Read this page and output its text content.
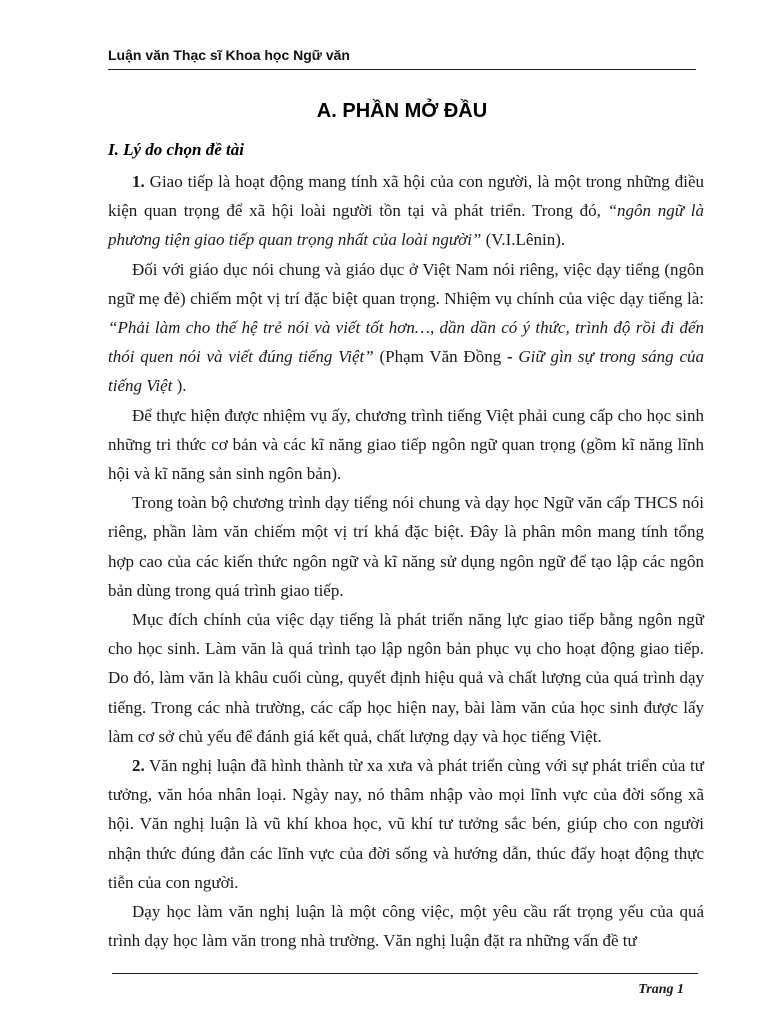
Luận văn Thạc sĩ Khoa học Ngữ văn
A. PHẦN MỞ ĐẦU
I. Lý do chọn đề tài

1. Giao tiếp là hoạt động mang tính xã hội của con người, là một trong những điều kiện quan trọng để xã hội loài người tồn tại và phát triển. Trong đó, “ngôn ngữ là phương tiện giao tiếp quan trọng nhất của loài người” (V.I.Lênin).

Đối với giáo dục nói chung và giáo dục ở Việt Nam nói riêng, việc dạy tiếng (ngôn ngữ mẹ đẻ) chiếm một vị trí đặc biệt quan trọng. Nhiệm vụ chính của việc dạy tiếng là: “Phải làm cho thế hệ trẻ nói và viết tốt hơn…, dần dần có ý thức, trình độ rồi đi đến thói quen nói và viết đúng tiếng Việt” (Phạm Văn Đồng - Giữ gìn sự trong sáng của tiếng Việt ).

Để thực hiện được nhiệm vụ ấy, chương trình tiếng Việt phải cung cấp cho học sinh những tri thức cơ bản và các kĩ năng giao tiếp ngôn ngữ quan trọng (gồm kĩ năng lĩnh hội và kĩ năng sản sinh ngôn bản).

Trong toàn bộ chương trình dạy tiếng nói chung và dạy học Ngữ văn cấp THCS nói riêng, phần làm văn chiếm một vị trí khá đặc biệt. Đây là phân môn mang tính tổng hợp cao của các kiến thức ngôn ngữ và kĩ năng sử dụng ngôn ngữ để tạo lập các ngôn bản dùng trong quá trình giao tiếp.

Mục đích chính của việc dạy tiếng là phát triển năng lực giao tiếp bằng ngôn ngữ cho học sinh. Làm văn là quá trình tạo lập ngôn bản phục vụ cho hoạt động giao tiếp. Do đó, làm văn là khâu cuối cùng, quyết định hiệu quả và chất lượng của quá trình dạy tiếng. Trong các nhà trường, các cấp học hiện nay, bài làm văn của học sinh được lấy làm cơ sở chủ yếu để đánh giá kết quả, chất lượng dạy và học tiếng Việt.

2. Văn nghị luận đã hình thành từ xa xưa và phát triển cùng với sự phát triển của tư tưởng, văn hóa nhân loại. Ngày nay, nó thâm nhập vào mọi lĩnh vực của đời sống xã hội. Văn nghị luận là vũ khí khoa học, vũ khí tư tưởng sắc bén, giúp cho con người nhận thức đúng đắn các lĩnh vực của đời sống và hướng dẫn, thúc đẩy hoạt động thực tiễn của con người.

Dạy học làm văn nghị luận là một công việc, một yêu cầu rất trọng yếu của quá trình dạy học làm văn trong nhà trường. Văn nghị luận đặt ra những vấn đề tư

Trang 1
